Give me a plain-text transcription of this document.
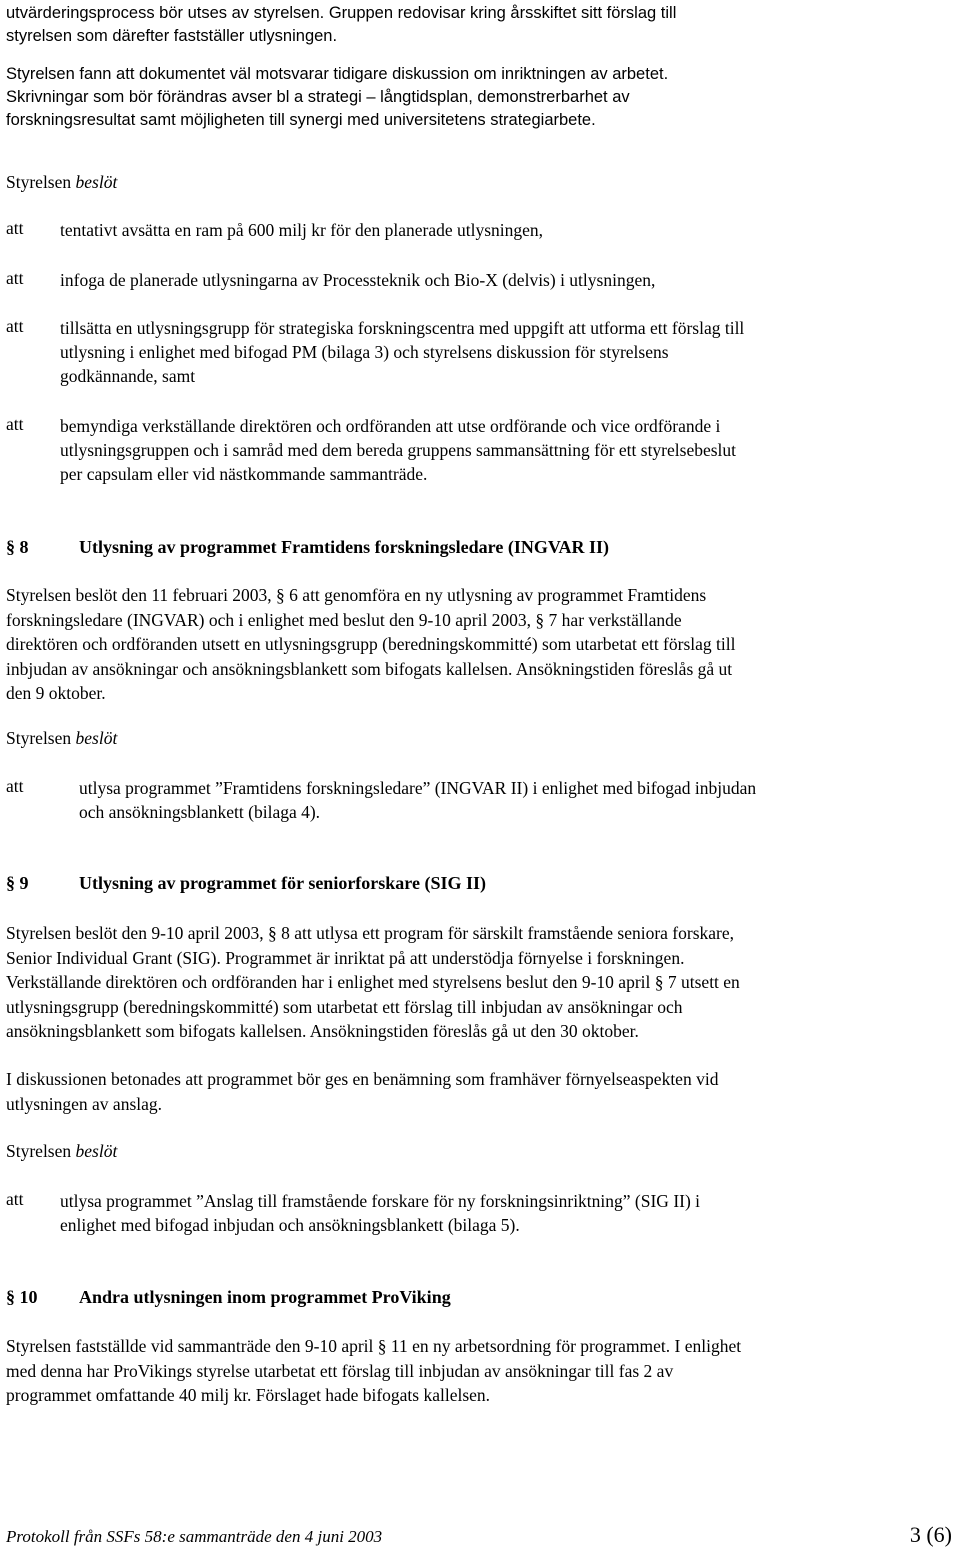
utvärderingsprocess bör utses av styrelsen. Gruppen redovisar kring årsskiftet sitt förslag till
styrelsen som därefter fastställer utlysningen.
Styrelsen fann att dokumentet väl motsvarar tidigare diskussion om inriktningen av arbetet.
Skrivningar som bör förändras avser bl a strategi – långtidsplan, demonstrerbarhet av
forskningsresultat samt möjligheten till synergi med universitetens strategiarbete.
Styrelsen beslöt
att tentativt avsätta en ram på 600 milj kr för den planerade utlysningen,
att infoga de planerade utlysningarna av Processteknik och Bio-X (delvis) i utlysningen,
att tillsätta en utlysningsgrupp för strategiska forskningscentra med uppgift att utforma ett förslag till
utlysning i enlighet med bifogad PM (bilaga 3) och styrelsens diskussion för styrelsens
godkännande, samt
att bemyndiga verkställande direktören och ordföranden att utse ordförande och vice ordförande i
utlysningsgruppen och i samråd med dem bereda gruppens sammansättning för ett styrelsebeslut
per capsulam eller vid nästkommande sammanträde.
§ 8	Utlysning av programmet Framtidens forskningsledare (INGVAR II)
Styrelsen beslöt den 11 februari 2003, § 6 att genomföra en ny utlysning av programmet Framtidens
forskningsledare (INGVAR) och i enlighet med beslut den 9-10 april 2003, § 7 har verkställande
direktören och ordföranden utsett en utlysningsgrupp (beredningskommitté) som utarbetat ett förslag till
inbjudan av ansökningar och ansökningsblankett som bifogats kallelsen. Ansökningstiden föreslås gå ut
den 9 oktober.
Styrelsen beslöt
att	utlysa programmet ”Framtidens forskningsledare” (INGVAR II) i enlighet med bifogad inbjudan
och ansökningsblankett (bilaga 4).
§ 9	Utlysning av programmet för seniorforskare (SIG II)
Styrelsen beslöt den 9-10 april 2003, § 8 att utlysa ett program för särskilt framstående seniora forskare,
Senior Individual Grant (SIG). Programmet är inriktat på att understödja förnyelse i forskningen.
Verkställande direktören och ordföranden har i enlighet med styrelsens beslut den 9-10 april § 7 utsett en
utlysningsgrupp (beredningskommitté) som utarbetat ett förslag till inbjudan av ansökningar och
ansökningsblankett som bifogats kallelsen. Ansökningstiden föreslås gå ut den 30 oktober.
I diskussionen betonades att programmet bör ges en benämning som framhäver förnyelseaspekten vid
utlysningen av anslag.
Styrelsen beslöt
att utlysa programmet ”Anslag till framstående forskare för ny forskningsinriktning” (SIG II) i
enlighet med bifogad inbjudan och ansökningsblankett (bilaga 5).
§ 10 Andra utlysningen inom programmet ProViking
Styrelsen fastställde vid sammanträde den 9-10 april § 11 en ny arbetsordning för programmet. I enlighet
med denna har ProVikings styrelse utarbetat ett förslag till inbjudan av ansökningar till fas 2 av
programmet omfattande 40 milj kr. Förslaget hade bifogats kallelsen.
Protokoll från SSFs 58:e sammanträde den 4 juni 2003	3 (6)
